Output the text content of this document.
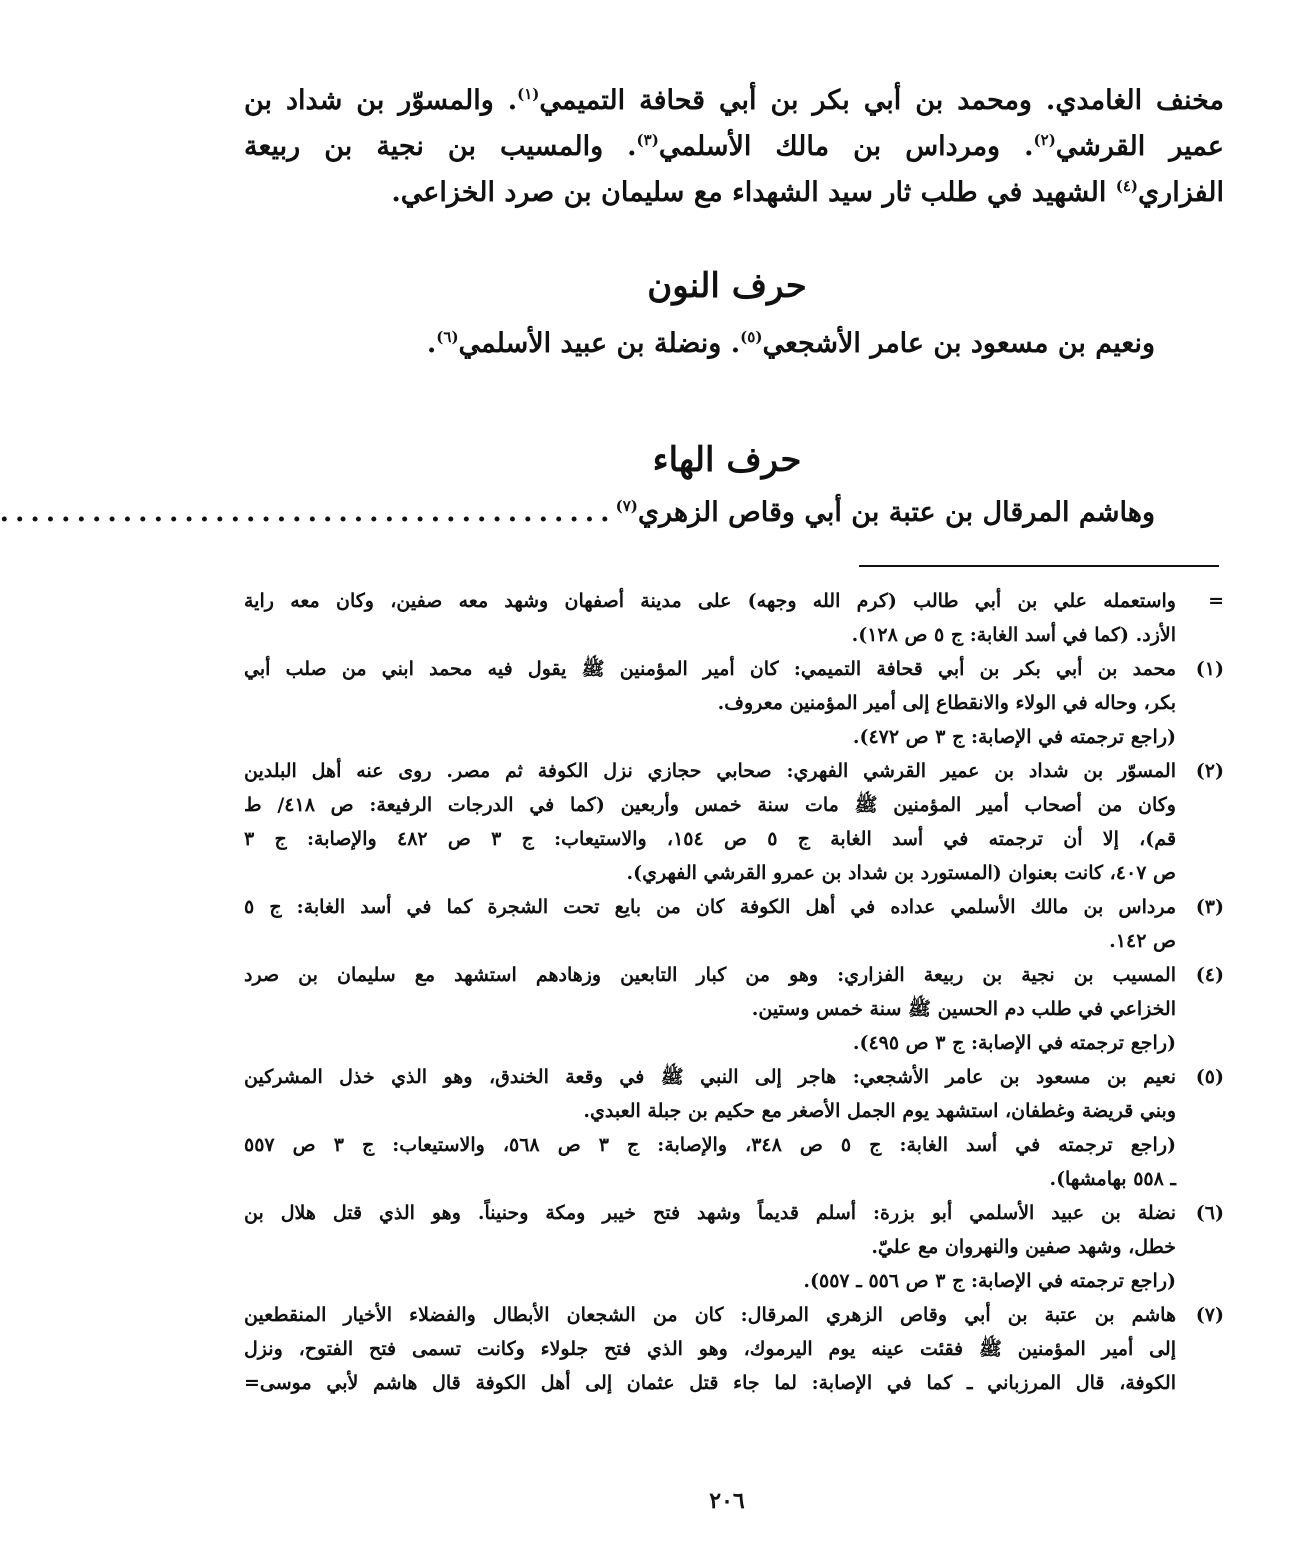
مخنف الغامدي. ومحمد بن أبي بكر بن أبي قحافة التميمي$^{(١)}$. والمسوّر بن شداد بن
عمير القرشي$^{(٢)}$. ومرداس بن مالك الأسلمي$^{(٣)}$. والمسيب بن نجية بن ربيعة
الفزاري$^{(٤)}$ الشهيد في طلب ثار سيد الشهداء مع سليمان بن صرد الخزاعي.
حرف النون
ونعيم بن مسعود بن عامر الأشجعي$^{(٥)}$. ونضلة بن عبيد الأسلمي$^{(٦)}$.
حرف الهاء
وهاشم المرقال بن عتبة بن أبي وقاص الزهري$^{(٧)}$
........................................
=
واستعمله علي بن أبي طالب (كرم الله وجهه) على مدينة أصفهان وشهد معه صفين، وكان معه راية
الأزد. (كما في أسد الغابة: ج ٥ ص ١٢٨).
(١)
محمد بن أبي بكر بن أبي قحافة التميمي: كان أمير المؤمنين ﷺ يقول فيه محمد ابني من صلب أبي
بكر، وحاله في الولاء والانقطاع إلى أمير المؤمنين معروف.
(راجع ترجمته في الإصابة: ج ٣ ص ٤٧٢).
(٢)
المسوّر بن شداد بن عمير القرشي الفهري: صحابي حجازي نزل الكوفة ثم مصر. روى عنه أهل البلدين
وكان من أصحاب أمير المؤمنين ﷺ مات سنة خمس وأربعين (كما في الدرجات الرفيعة: ص ٤١٨/ ط
قم)، إلا أن ترجمته في أسد الغابة ج ٥ ص ١٥٤، والاستيعاب: ج ٣ ص ٤٨٢ والإصابة: ج ٣
ص ٤٠٧، كانت بعنوان (المستورد بن شداد بن عمرو القرشي الفهري).
(٣)
مرداس بن مالك الأسلمي عداده في أهل الكوفة كان من بايع تحت الشجرة كما في أسد الغابة: ج ٥
ص ١٤٢.
(٤)
المسيب بن نجية بن ربيعة الفزاري: وهو من كبار التابعين وزهادهم استشهد مع سليمان بن صرد
الخزاعي في طلب دم الحسين ﷺ سنة خمس وستين.
(راجع ترجمته في الإصابة: ج ٣ ص ٤٩٥).
(٥)
نعيم بن مسعود بن عامر الأشجعي: هاجر إلى النبي ﷺ في وقعة الخندق، وهو الذي خذل المشركين
وبني قريضة وغطفان، استشهد يوم الجمل الأصغر مع حكيم بن جبلة العبدي.
(راجع ترجمته في أسد الغابة: ج ٥ ص ٣٤٨، والإصابة: ج ٣ ص ٥٦٨، والاستيعاب: ج ٣ ص ٥٥٧
ـ ٥٥٨ بهامشها).
(٦)
نضلة بن عبيد الأسلمي أبو بزرة: أسلم قديماً وشهد فتح خيبر ومكة وحنيناً. وهو الذي قتل هلال بن
خطل، وشهد صفين والنهروان مع عليّ.
(راجع ترجمته في الإصابة: ج ٣ ص ٥٥٦ ـ ٥٥٧).
(٧)
هاشم بن عتبة بن أبي وقاص الزهري المرقال: كان من الشجعان الأبطال والفضلاء الأخيار المنقطعين
إلى أمير المؤمنين ﷺ فقئت عينه يوم اليرموك، وهو الذي فتح جلولاء وكانت تسمى فتح الفتوح، ونزل
الكوفة، قال المرزباني ـ كما في الإصابة: لما جاء قتل عثمان إلى أهل الكوفة قال هاشم لأبي موسى=
٢٠٦
